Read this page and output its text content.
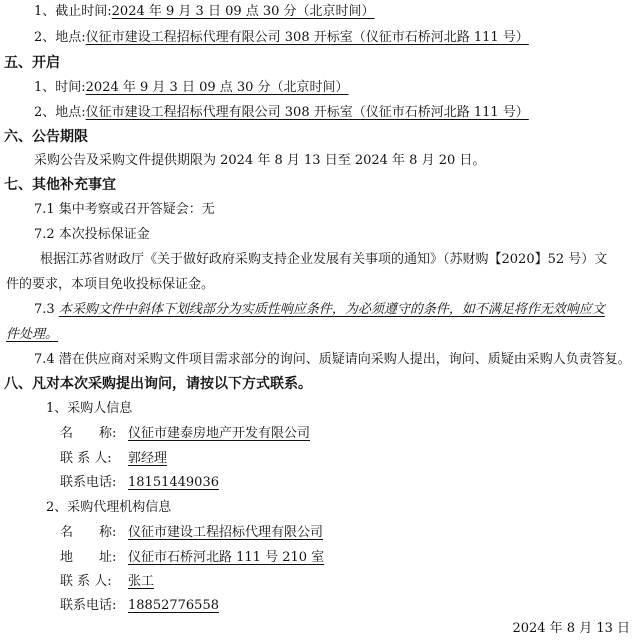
1、截止时间:2024 年 9 月 3 日 09 点 30 分（北京时间）
2、地点:仪征市建设工程招标代理有限公司 308 开标室（仪征市石桥河北路 111 号）
五、开启
1、时间:2024 年 9 月 3 日 09 点 30 分（北京时间）
2、地点:仪征市建设工程招标代理有限公司 308 开标室（仪征市石桥河北路 111 号）
六、公告期限
采购公告及采购文件提供期限为 2024 年 8 月 13 日至 2024 年 8 月 20 日。
七、其他补充事宜
7.1 集中考察或召开答疑会：无
7.2 本次投标保证金
根据江苏省财政厅《关于做好政府采购支持企业发展有关事项的通知》（苏财购【2020】52 号）文
件的要求，本项目免收投标保证金。
7.3 本采购文件中斜体下划线部分为实质性响应条件，为必须遵守的条件，如不满足将作无效响应文
件处理。
7.4 潜在供应商对采购文件项目需求部分的询问、质疑请向采购人提出，询问、质疑由采购人负责答复。
八、凡对本次采购提出询问，请按以下方式联系。
1、采购人信息
名　　称: 仪征市建泰房地产开发有限公司
联 系 人: 郭经理
联系电话: 18151449036
2、采购代理机构信息
名　　称: 仪征市建设工程招标代理有限公司
地　　址: 仪征市石桥河北路 111 号 210 室
联 系 人: 张工
联系电话: 18852776558
2024 年 8 月 13 日
